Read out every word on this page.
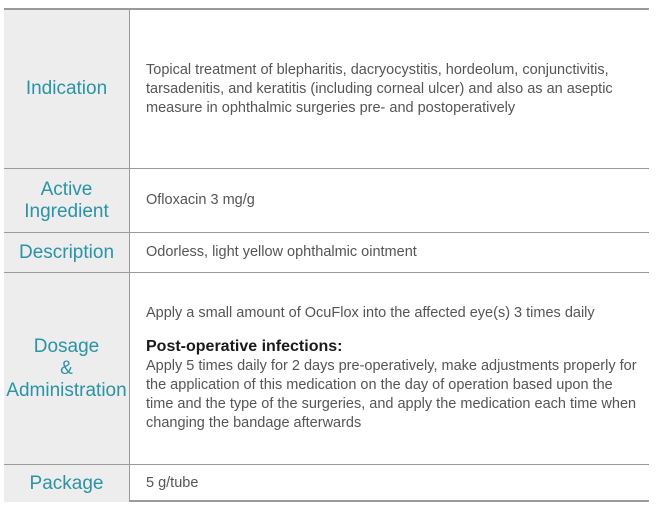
Indication
Topical treatment of blepharitis, dacryocystitis, hordeolum, conjunctivitis, tarsadenitis, and keratitis (including corneal ulcer) and also as an aseptic measure in ophthalmic surgeries pre- and postoperatively
Active
Ingredient
Ofloxacin 3 mg/g
Description Odorless, light yellow ophthalmic ointment
Dosage
&
Administration
Apply a small amount of OcuFlox into the affected eye(s) 3 times daily
Post-operative infections:
Apply 5 times daily for 2 days pre-operatively, make adjustments properly for the application of this medication on the day of operation based upon the time and the type of the surgeries, and apply the medication each time when changing the bandage afterwards
Package	5 g/tube
